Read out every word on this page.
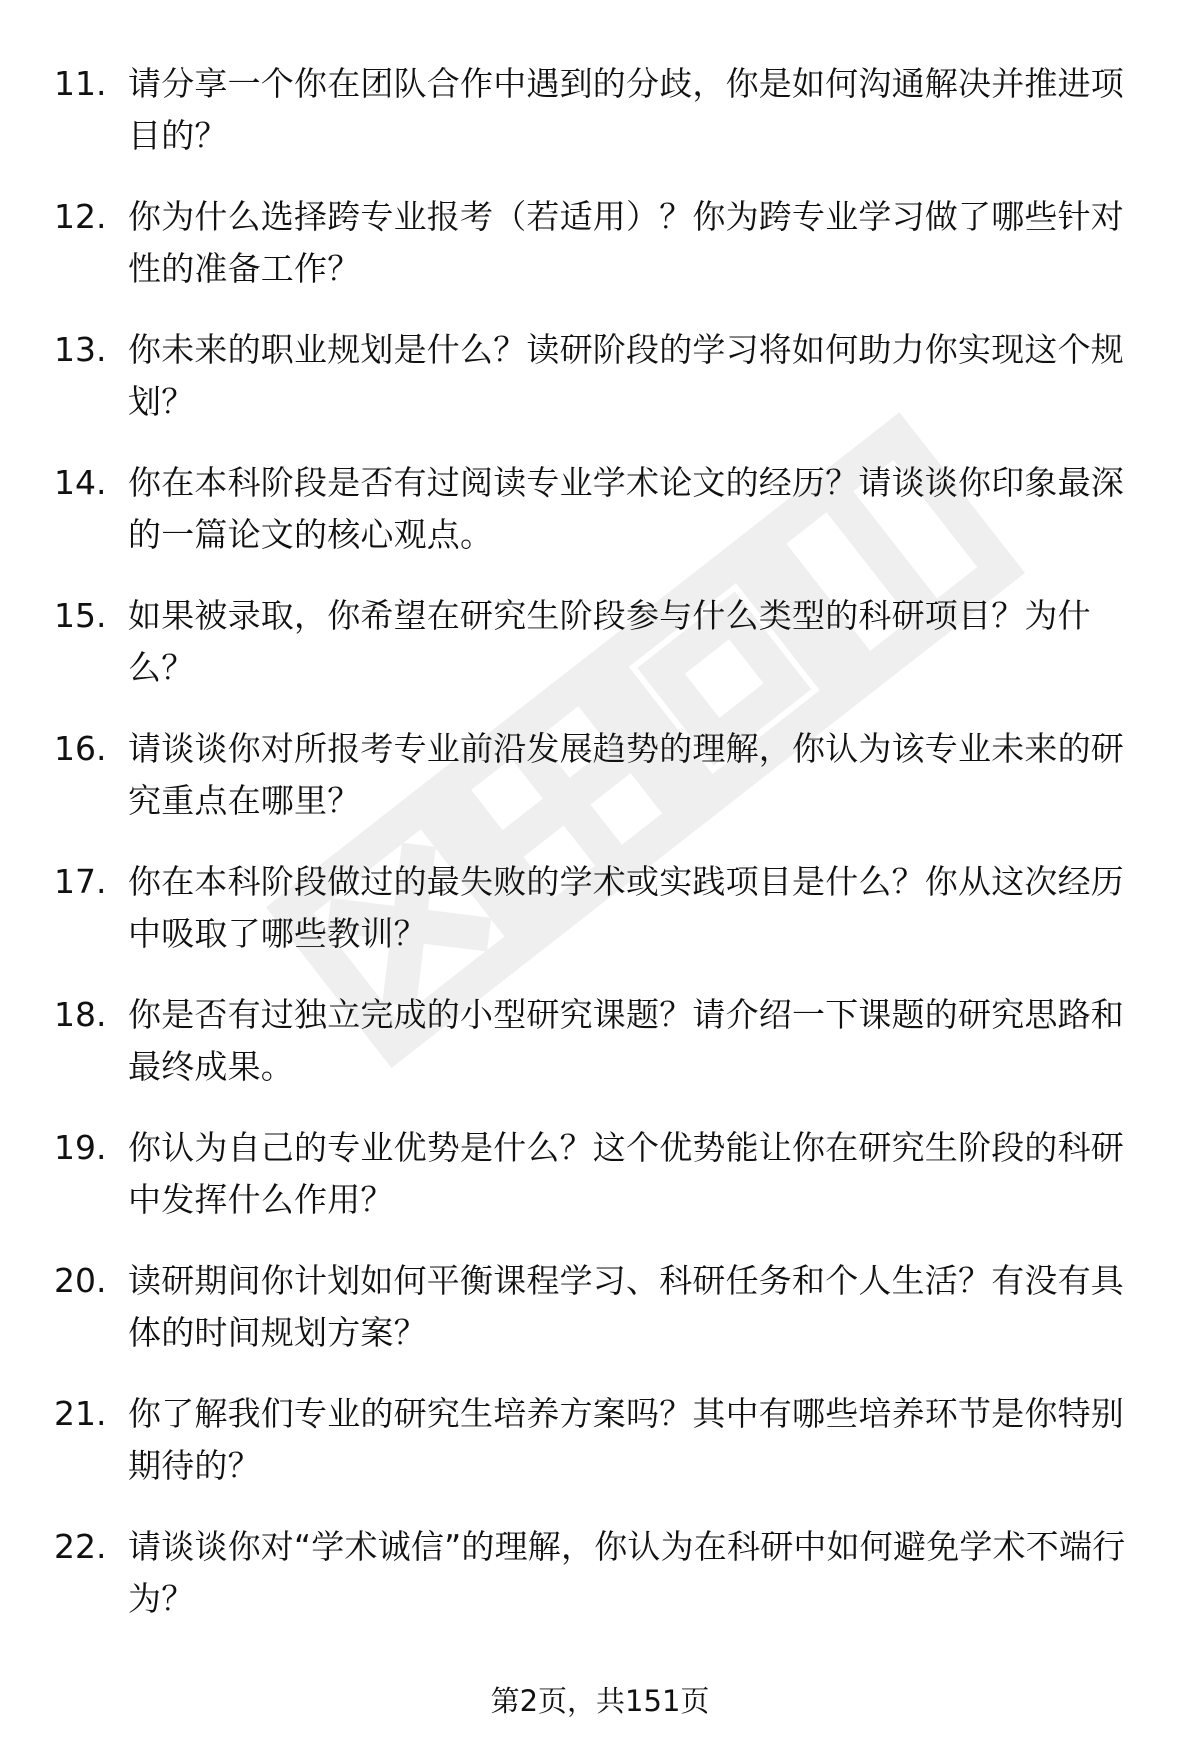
11. 请分享一个你在团队合作中遇到的分歧，你是如何沟通解决并推进项目的？
12. 你为什么选择跨专业报考（若适用）？你为跨专业学习做了哪些针对性的准备工作？
13. 你未来的职业规划是什么？读研阶段的学习将如何助力你实现这个规划？
14. 你在本科阶段是否有过阅读专业学术论文的经历？请谈谈你印象最深的一篇论文的核心观点。
15. 如果被录取，你希望在研究生阶段参与什么类型的科研项目？为什么？
16. 请谈谈你对所报考专业前沿发展趋势的理解，你认为该专业未来的研究重点在哪里？
17. 你在本科阶段做过的最失败的学术或实践项目是什么？你从这次经历中吸取了哪些教训？
18. 你是否有过独立完成的小型研究课题？请介绍一下课题的研究思路和最终成果。
19. 你认为自己的专业优势是什么？这个优势能让你在研究生阶段的科研中发挥什么作用？
20. 读研期间你计划如何平衡课程学习、科研任务和个人生活？有没有具体的时间规划方案？
21. 你了解我们专业的研究生培养方案吗？其中有哪些培养环节是你特别期待的？
22. 请谈谈你对“学术诚信”的理解，你认为在科研中如何避免学术不端行为？
第2页，共151页
